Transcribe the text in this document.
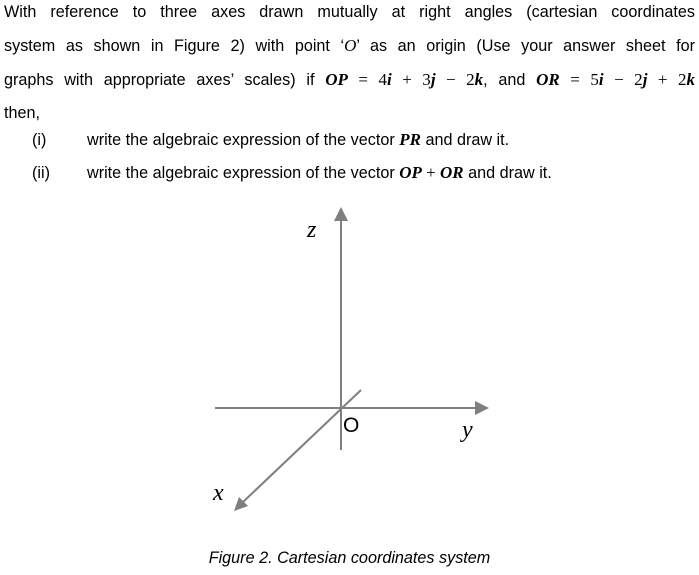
With reference to three axes drawn mutually at right angles (cartesian coordinates
system as shown in Figure 2) with point ‘O’ as an origin (Use your answer sheet for
graphs with appropriate axes’ scales) if OP = 4i + 3j − 2k, and OR = 5i − 2j + 2k
then,
(i)	write the algebraic expression of the vector PR and draw it.
(ii) write the algebraic expression of the vector OP + OR and draw it.
z
y
x
O
Figure 2. Cartesian coordinates system
